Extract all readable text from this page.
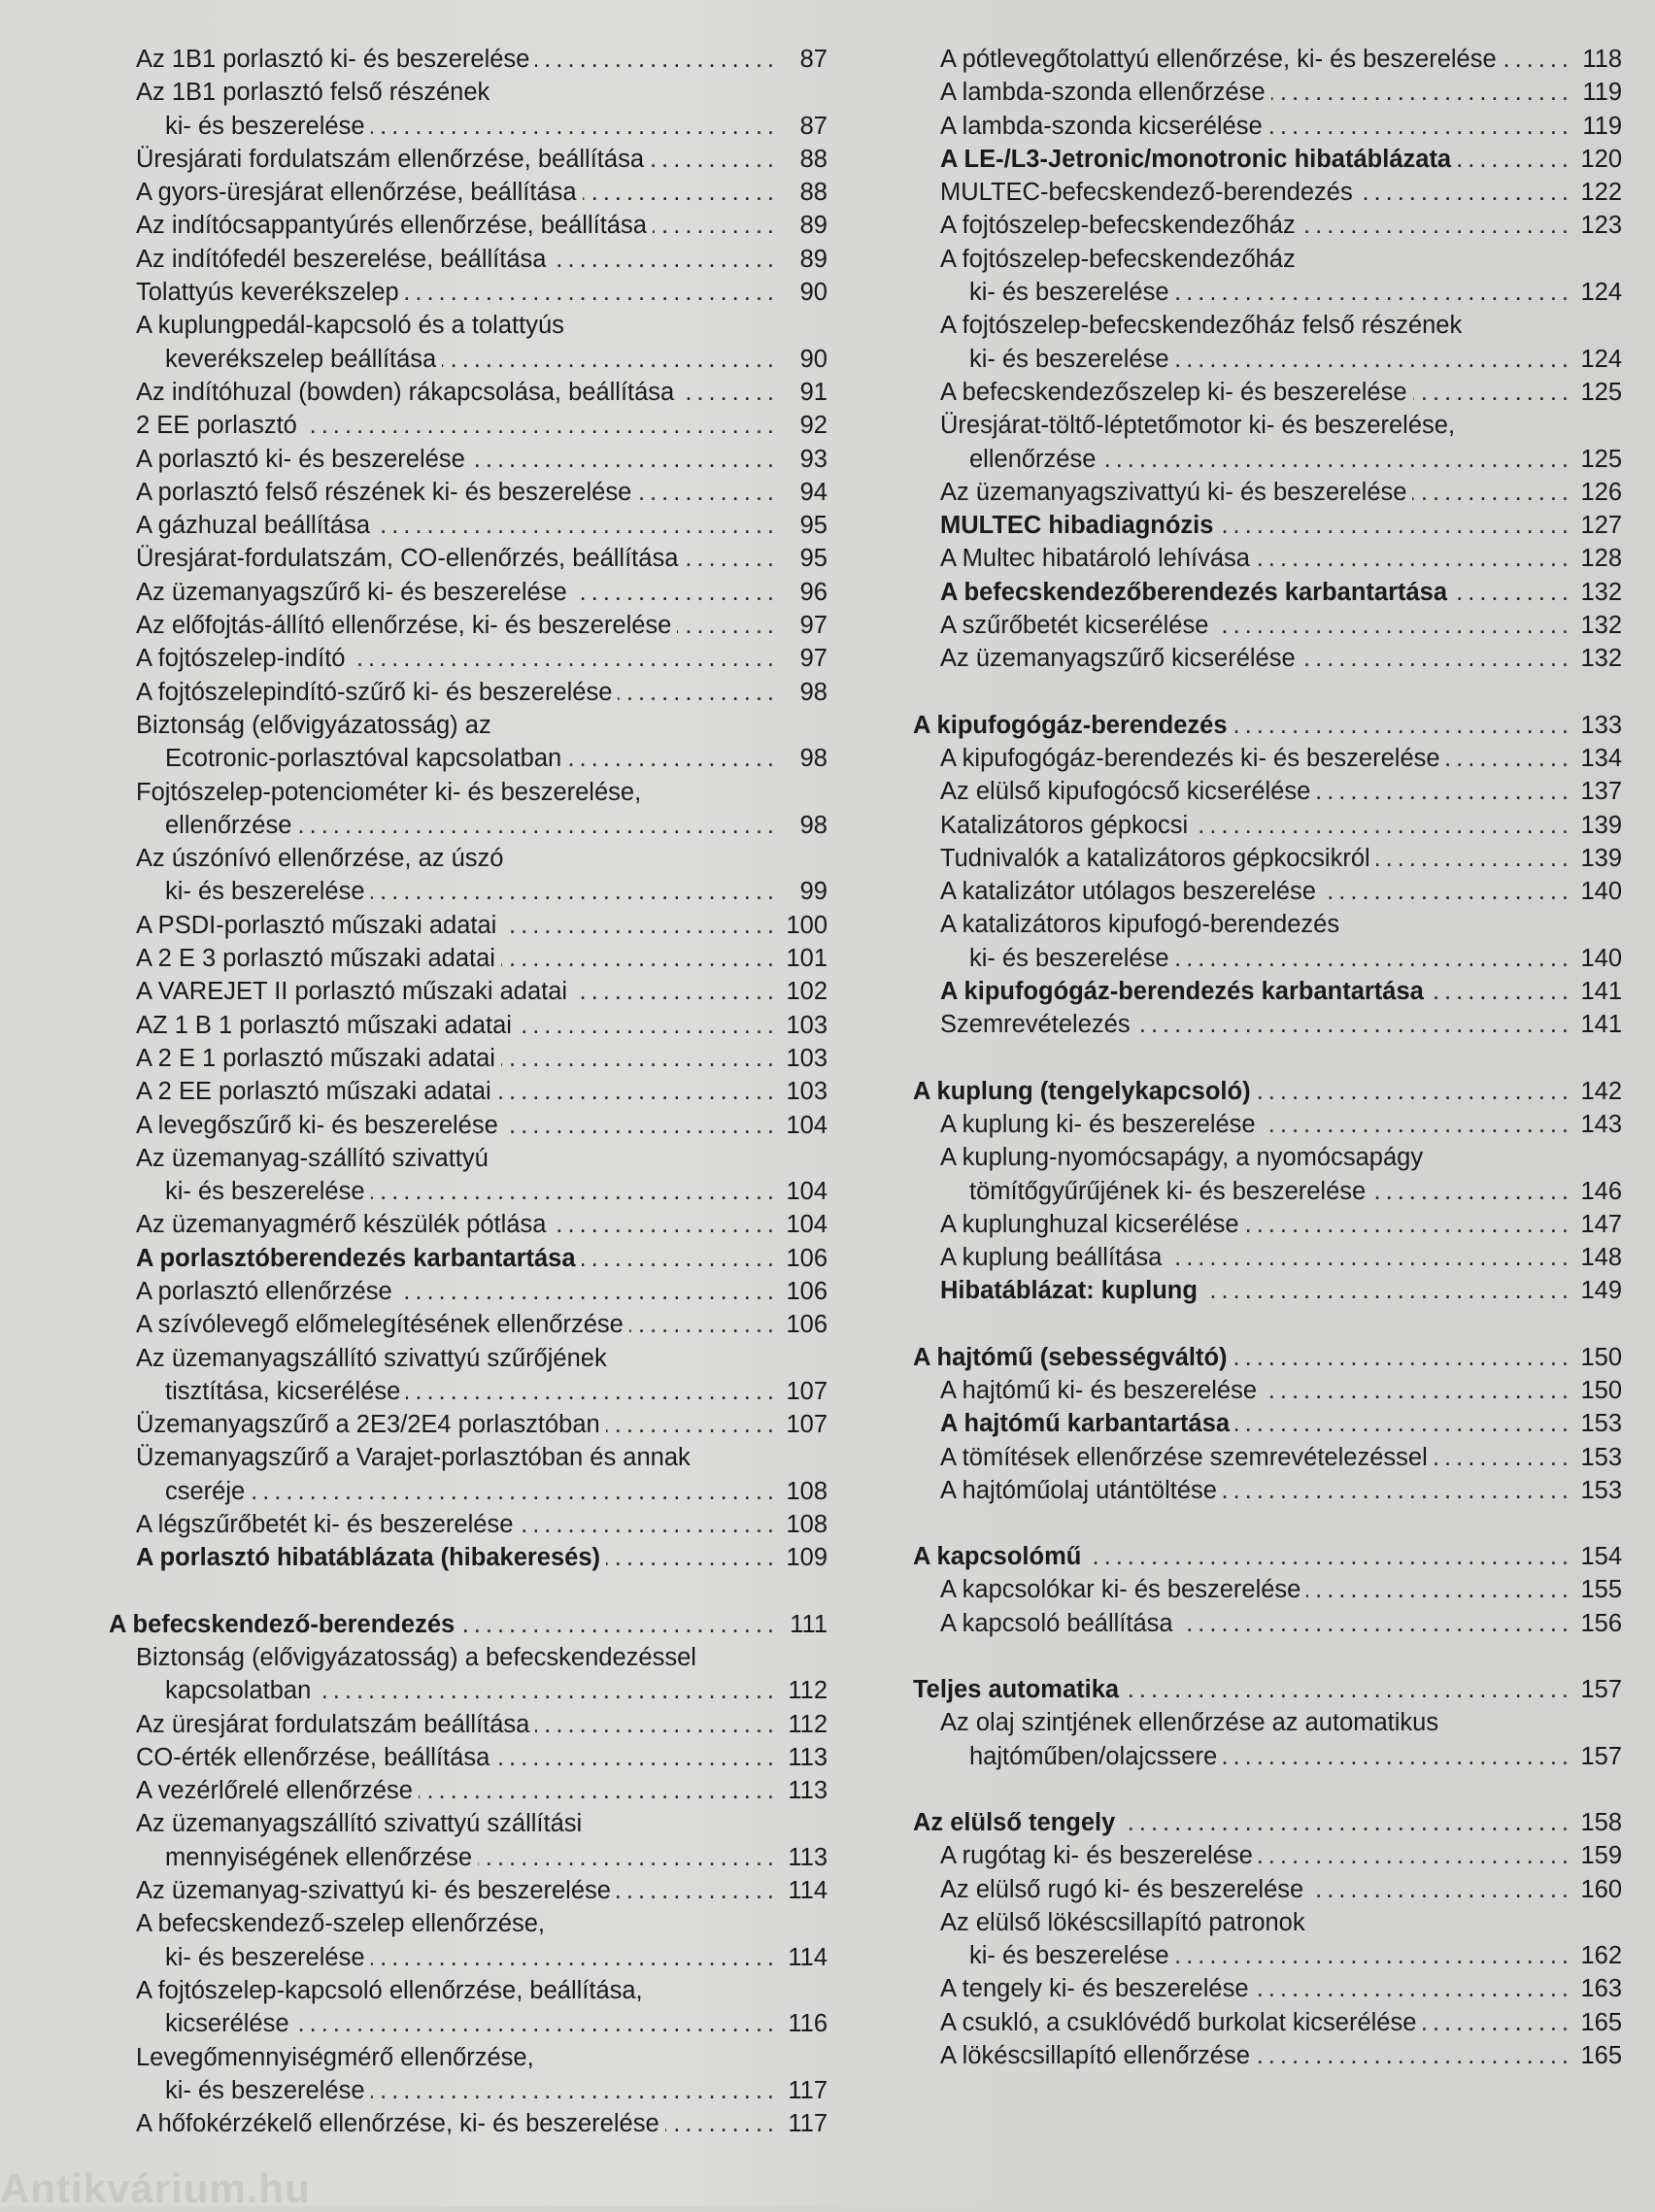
Az 1B1 porlasztó ki- és beszerelése .....	87
Az 1B1 porlasztó felső részének
ki- és beszerelése .....	87
Üresjárati fordulatszám ellenőrzése, beállítása .....	88
A gyors-üresjárat ellenőrzése, beállítása .....	88
Az indítócsappantyúrés ellenőrzése, beállítása .....	89
Az indítófedél beszerelése, beállítása .....	89
Tolattyús keverékszelep .....	90
A kuplungpedál-kapcsoló és a tolattyús
keverékszelep beállítása .....	90
Az indítóhuzal (bowden) rákapcsolása, beállítása .....	91
2 EE porlasztó .....	92
A porlasztó ki- és beszerelése .....	93
A porlasztó felső részének ki- és beszerelése .....	94
A gázhuzal beállítása .....	95
Üresjárat-fordulatszám, CO-ellenőrzés, beállítása .....	95
Az üzemanyagszűrő ki- és beszerelése .....	96
Az előfojtás-állító ellenőrzése, ki- és beszerelése .....	97
A fojtószelep-indító .....	97
A fojtószelepindító-szűrő ki- és beszerelése .....	98
Biztonság (elővigyázatosság) az
Ecotronic-porlasztóval kapcsolatban .....	98
Fojtószelep-potenciométer ki- és beszerelése,
ellenőrzése .....	98
Az úszónívó ellenőrzése, az úszó
ki- és beszerelése .....	99
A PSDI-porlasztó műszaki adatai .....	100
A 2 E 3 porlasztó műszaki adatai .....	101
A VAREJET II porlasztó műszaki adatai .....	102
AZ 1 B 1 porlasztó műszaki adatai .....	103
A 2 E 1 porlasztó műszaki adatai .....	103
A 2 EE porlasztó műszaki adatai .....	103
A levegőszűrő ki- és beszerelése .....	104
Az üzemanyag-szállító szivattyú
ki- és beszerelése .....	104
Az üzemanyagmérő készülék pótlása .....	104
A porlasztóberendezés karbantartása .....	106
A porlasztó ellenőrzése .....	106
A szívólevegő előmelegítésének ellenőrzése .....	106
Az üzemanyagszállító szivattyú szűrőjének
tisztítása, kicserélése .....	107
Üzemanyagszűrő a 2E3/2E4 porlasztóban .....	107
Üzemanyagszűrő a Varajet-porlasztóban és annak
cseréje .....	108
A légszűrőbetét ki- és beszerelése .....	108
A porlasztó hibatáblázata (hibakeresés) .....	109
A befecskendező-berendezés .....	111
Biztonság (elővigyázatosság) a befecskendezéssel
kapcsolatban .....	112
Az üresjárat fordulatszám beállítása .....	112
CO-érték ellenőrzése, beállítása .....	113
A vezérlőrelé ellenőrzése .....	113
Az üzemanyagszállító szivattyú szállítási
mennyiségének ellenőrzése .....	113
Az üzemanyag-szivattyú ki- és beszerelése .....	114
A befecskendező-szelep ellenőrzése,
ki- és beszerelése .....	114
A fojtószelep-kapcsoló ellenőrzése, beállítása,
kicserélése .....	116
Levegőmennyiségmérő ellenőrzése,
ki- és beszerelése .....	117
A hőfokérzékelő ellenőrzése, ki- és beszerelése .....	117
A pótlevegőtolattyú ellenőrzése, ki- és beszerelése .....	118
A lambda-szonda ellenőrzése .....	119
A lambda-szonda kicserélése .....	119
A LE-/L3-Jetronic/monotronic hibatáblázata .....	120
MULTEC-befecskendező-berendezés .....	122
A fojtószelep-befecskendezőház .....	123
A fojtószelep-befecskendezőház
ki- és beszerelése .....	124
A fojtószelep-befecskendezőház felső részének
ki- és beszerelése .....	124
A befecskendezőszelep ki- és beszerelése .....	125
Üresjárat-töltő-léptetőmotor ki- és beszerelése,
ellenőrzése .....	125
Az üzemanyagszivattyú ki- és beszerelése .....	126
MULTEC hibadiagnózis .....	127
A Multec hibatároló lehívása .....	128
A befecskendezőberendezés karbantartása .....	132
A szűrőbetét kicserélése .....	132
Az üzemanyagszűrő kicserélése .....	132
A kipufogógáz-berendezés .....	133
A kipufogógáz-berendezés ki- és beszerelése .....	134
Az elülső kipufogócső kicserélése .....	137
Katalizátoros gépkocsi .....	139
Tudnivalók a katalizátoros gépkocsikról .....	139
A katalizátor utólagos beszerelése .....	140
A katalizátoros kipufogó-berendezés
ki- és beszerelése .....	140
A kipufogógáz-berendezés karbantartása .....	141
Szemrevételezés .....	141
A kuplung (tengelykapcsoló) .....	142
A kuplung ki- és beszerelése .....	143
A kuplung-nyomócsapágy, a nyomócsapágy
tömítőgyűrűjének ki- és beszerelése .....	146
A kuplunghuzal kicserélése .....	147
A kuplung beállítása .....	148
Hibatáblázat: kuplung .....	149
A hajtómű (sebességváltó) .....	150
A hajtómű ki- és beszerelése .....	150
A hajtómű karbantartása .....	153
A tömítések ellenőrzése szemrevételezéssel .....	153
A hajtóműolaj utántöltése .....	153
A kapcsolómű .....	154
A kapcsolókar ki- és beszerelése .....	155
A kapcsoló beállítása .....	156
Teljes automatika .....	157
Az olaj szintjének ellenőrzése az automatikus
hajtóműben/olajcssere .....	157
Az elülső tengely .....	158
A rugótag ki- és beszerelése .....	159
Az elülső rugó ki- és beszerelése .....	160
Az elülső lökéscsillapító patronok
ki- és beszerelése .....	162
A tengely ki- és beszerelése .....	163
A csukló, a csuklóvédő burkolat kicserélése .....	165
A lökéscsillapító ellenőrzése .....	165
Antikvárium.hu
